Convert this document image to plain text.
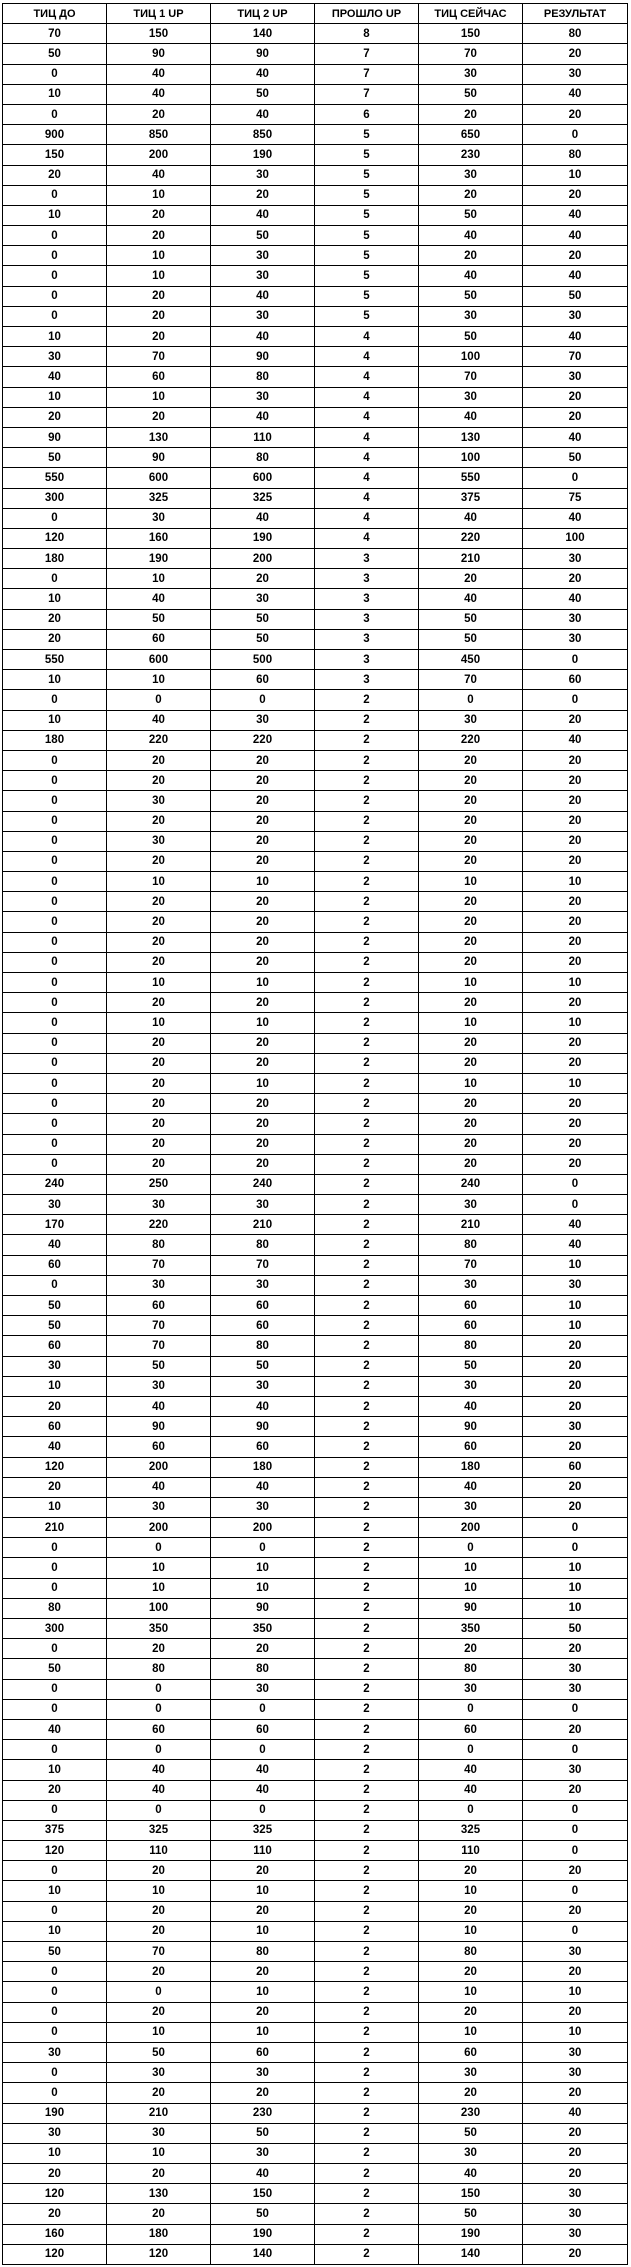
ТИЦ ДО	ТИЦ 1 UP	ТИЦ 2 UP	ПРОШЛО UP	ТИЦ СЕЙЧАС	РЕЗУЛЬТАТ
70	150	140	8	150	80
50	90	90	7	70	20
0	40	40	7	30	30
10	40	50	7	50	40
0	20	40	6	20	20
900	850	850	5	650	0
150	200	190	5	230	80
20	40	30	5	30	10
0	10	20	5	20	20
10	20	40	5	50	40
0	20	50	5	40	40
0	10	30	5	20	20
0	10	30	5	40	40
0	20	40	5	50	50
0	20	30	5	30	30
10	20	40	4	50	40
30	70	90	4	100	70
40	60	80	4	70	30
10	10	30	4	30	20
20	20	40	4	40	20
90	130	110	4	130	40
50	90	80	4	100	50
550	600	600	4	550	0
300	325	325	4	375	75
0	30	40	4	40	40
120	160	190	4	220	100
180	190	200	3	210	30
0	10	20	3	20	20
10	40	30	3	40	40
20	50	50	3	50	30
20	60	50	3	50	30
550	600	500	3	450	0
10	10	60	3	70	60
0	0	0	2	0	0
10	40	30	2	30	20
180	220	220	2	220	40
0	20	20	2	20	20
0	20	20	2	20	20
0	30	20	2	20	20
0	20	20	2	20	20
0	30	20	2	20	20
0	20	20	2	20	20
0	10	10	2	10	10
0	20	20	2	20	20
0	20	20	2	20	20
0	20	20	2	20	20
0	20	20	2	20	20
0	10	10	2	10	10
0	20	20	2	20	20
0	10	10	2	10	10
0	20	20	2	20	20
0	20	20	2	20	20
0	20	10	2	10	10
0	20	20	2	20	20
0	20	20	2	20	20
0	20	20	2	20	20
0	20	20	2	20	20
240	250	240	2	240	0
30	30	30	2	30	0
170	220	210	2	210	40
40	80	80	2	80	40
60	70	70	2	70	10
0	30	30	2	30	30
50	60	60	2	60	10
50	70	60	2	60	10
60	70	80	2	80	20
30	50	50	2	50	20
10	30	30	2	30	20
20	40	40	2	40	20
60	90	90	2	90	30
40	60	60	2	60	20
120	200	180	2	180	60
20	40	40	2	40	20
10	30	30	2	30	20
210	200	200	2	200	0
0	0	0	2	0	0
0	10	10	2	10	10
0	10	10	2	10	10
80	100	90	2	90	10
300	350	350	2	350	50
0	20	20	2	20	20
50	80	80	2	80	30
0	0	30	2	30	30
0	0	0	2	0	0
40	60	60	2	60	20
0	0	0	2	0	0
10	40	40	2	40	30
20	40	40	2	40	20
0	0	0	2	0	0
375	325	325	2	325	0
120	110	110	2	110	0
0	20	20	2	20	20
10	10	10	2	10	0
0	20	20	2	20	20
10	20	10	2	10	0
50	70	80	2	80	30
0	20	20	2	20	20
0	0	10	2	10	10
0	20	20	2	20	20
0	10	10	2	10	10
30	50	60	2	60	30
0	30	30	2	30	30
0	20	20	2	20	20
190	210	230	2	230	40
30	30	50	2	50	20
10	10	30	2	30	20
20	20	40	2	40	20
120	130	150	2	150	30
20	20	50	2	50	30
160	180	190	2	190	30
120	120	140	2	140	20
